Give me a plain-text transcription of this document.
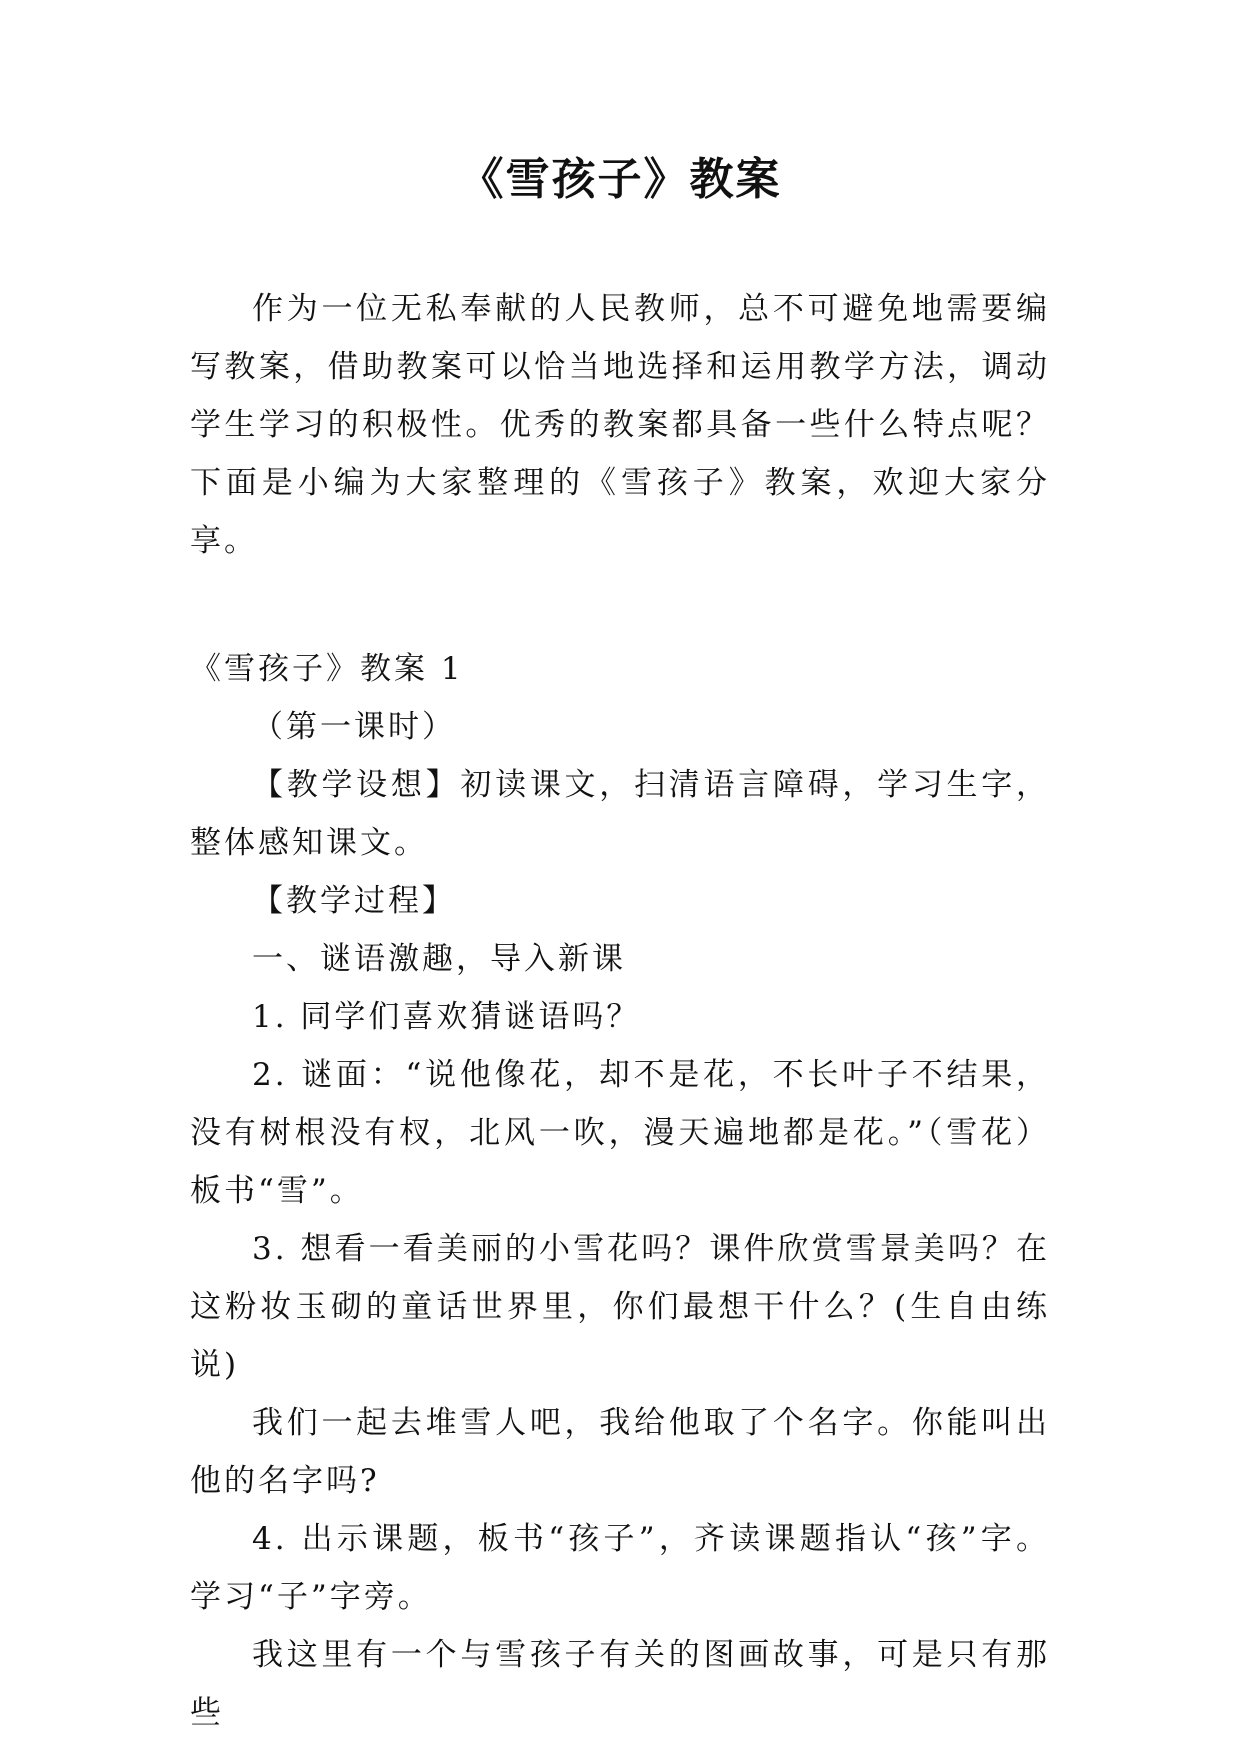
《雪孩子》教案

作为一位无私奉献的人民教师，总不可避免地需要编写教案，借助教案可以恰当地选择和运用教学方法，调动学生学习的积极性。优秀的教案都具备一些什么特点呢？下面是小编为大家整理的《雪孩子》教案，欢迎大家分享。

《雪孩子》教案 1

（第一课时）

【教学设想】初读课文，扫清语言障碍，学习生字，整体感知课文。

【教学过程】

一、谜语激趣，导入新课

1. 同学们喜欢猜谜语吗？

2. 谜面：“说他像花，却不是花，不长叶子不结果，没有树根没有杈，北风一吹，漫天遍地都是花。”（雪花）板书“雪”。

3. 想看一看美丽的小雪花吗？课件欣赏雪景美吗？在这粉妆玉砌的童话世界里，你们最想干什么？(生自由练说)

我们一起去堆雪人吧，我给他取了个名字。你能叫出他的名字吗?

4. 出示课题，板书“孩子”，齐读课题指认“孩”字。学习“子”字旁。

我这里有一个与雪孩子有关的图画故事，可是只有那些
